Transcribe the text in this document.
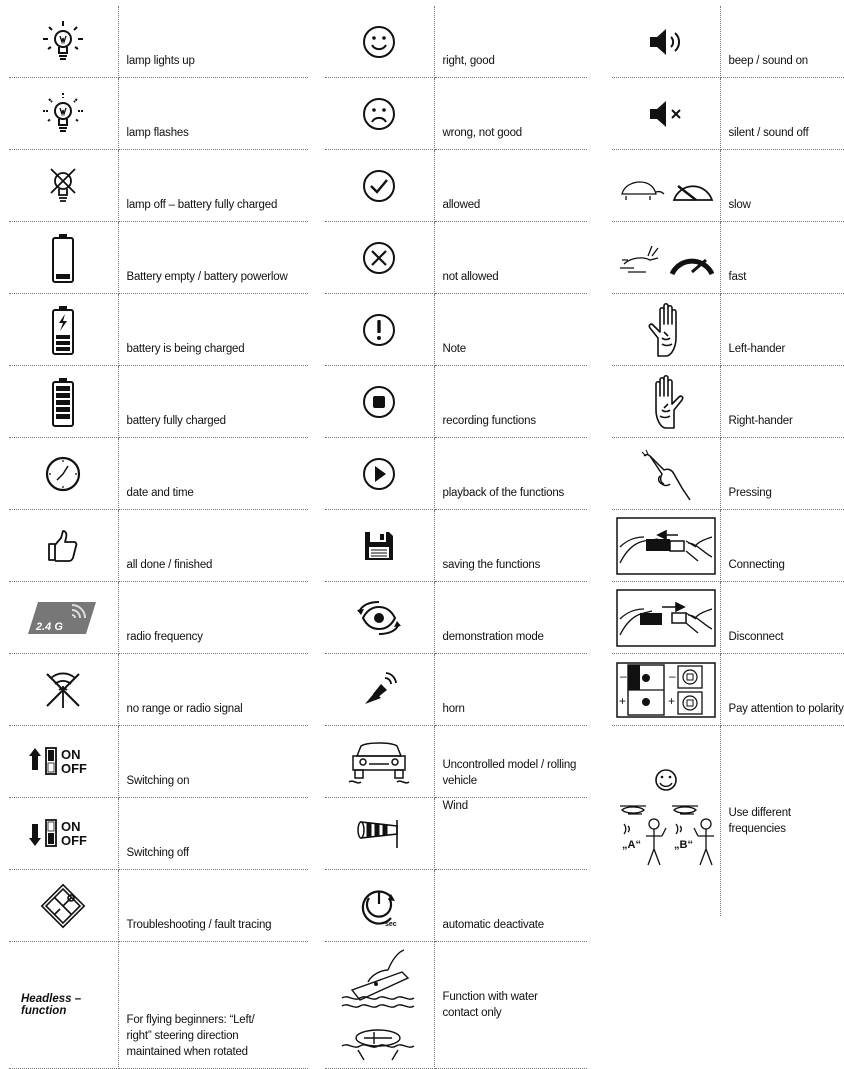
	lamp lights up

	lamp flashes

	lamp off – battery fully charged

	Battery empty / battery powerlow

	battery is being charged

	battery fully charged

	date and time

	all done / finished

2.4 G	radio frequency

	no range or radio signal

ON
OFF	Switching on

ON
OFF	Switching off

	Troubleshooting / fault tracing
Headless – function	For flying beginners: “Left/
right” steering direction
maintained when rotated
	right, good

	wrong, not good

	allowed

	not allowed

	Note

	recording functions

	playback of the functions

	saving the functions

	demonstration mode

	horn

	Uncontrolled model / rolling vehicle

	Wind

sec	automatic deactivate

Function with water
contact only
	beep / sound on

	silent / sound off

	slow

	fast

	Left-hander

	Right-hander

	Pressing

	Connecting

	Disconnect

–
+
–
+	Pay attention to polarity

„A“ „B“	Use different frequencies
